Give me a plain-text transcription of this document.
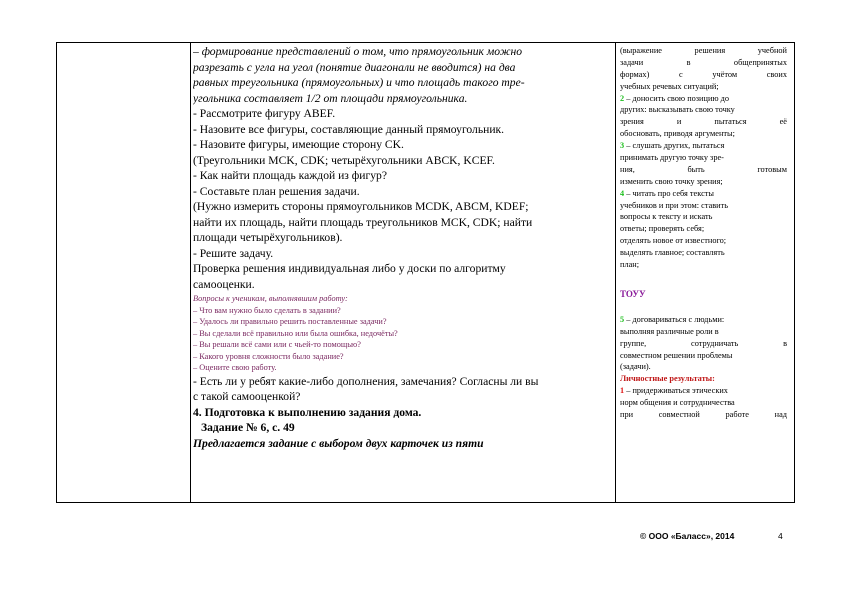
– формирование представлений о том, что прямоугольник можно
разрезать с угла на угол (понятие диагонали не вводится) на два
равных треугольника (прямоугольных) и что площадь такого тре-
угольника составляет 1/2 от площади прямоугольника.
- Рассмотрите фигуру ABEF.
- Назовите все фигуры, составляющие данный прямоугольник.
- Назовите фигуры, имеющие сторону CK.
(Треугольники MCK, CDK; четырёхугольники ABCK, KCEF.
- Как найти площадь каждой из фигур?
- Составьте план решения задачи.
(Нужно измерить стороны прямоугольников MCDK, ABCM, KDEF;
найти их площадь, найти площадь треугольников MCK, CDK; найти
площади четырёхугольников).
- Решите задачу.
Проверка решения индивидуальная либо у доски по алгоритму
самооценки.
Вопросы к ученикам, выполнявшим работу:
– Что вам нужно было сделать в задании?
– Удалось ли правильно решить поставленные задачи?
– Вы сделали всё правильно или была ошибка, недочёты?
– Вы решали всё сами или с чьей-то помощью?
– Какого уровня сложности было задание?
– Оцените свою работу.
- Есть ли у ребят какие-либо дополнения, замечания? Согласны ли вы
с такой самооценкой?
4. Подготовка к выполнению задания дома.
Задание № 6, с. 49
Предлагается задание с выбором двух карточек из пяти
(выражение	решения	учебной
задачи	в	общепринятых
формах)	с	учётом	своих
учебных речевых ситуаций;
2 – доносить свою позицию до
других: высказывать свою точку
зрения	и	пытаться	её
обосновать, приводя аргументы;
3 – слушать других, пытаться
принимать другую точку зре-
ния,	быть	готовым
изменить свою точку зрения;
4 – читать про себя тексты
учебников и при этом: ставить
вопросы к тексту и искать
ответы; проверять себя;
отделять новое от известного;
выделять главное; составлять
план;
ТОУУ
5 – договариваться с людьми:
выполняя различные роли в
группе,	сотрудничать	в
совместном решении проблемы
(задачи).
Личностные результаты:
1 – придерживаться этических
норм общения и сотрудничества
при	совместной	работе	над
© ООО «Баласс», 2014	4
